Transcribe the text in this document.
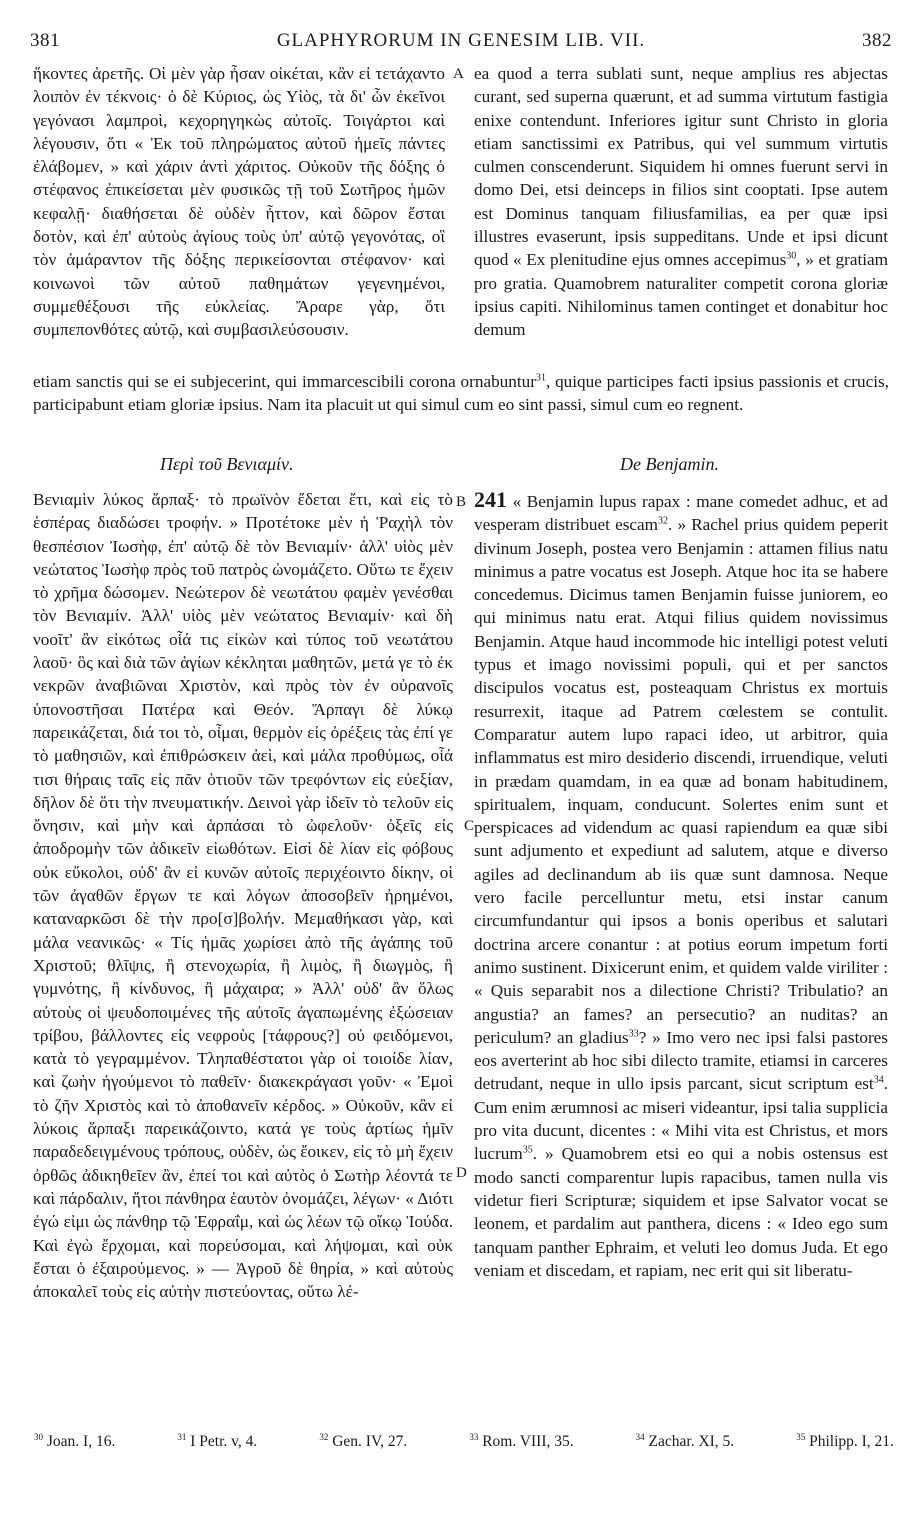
381	GLAPHYRORUM IN GENESIM LIB. VII.	382

ἥκοντες ἀρετῆς. Οἱ μὲν γὰρ ἦσαν οἰκέται, κἂν εἰ τετάχαντο λοιπὸν ἐν τέκνοις· ὁ δὲ Κύριος, ὡς Υἱὸς, τὰ δι' ὧν ἐκεῖνοι γεγόνασι λαμπροὶ, κεχορηγηκὼς αὐτοῖς. Τοιγάρτοι καὶ λέγουσιν, ὅτι « Ἐκ τοῦ πληρώματος αὐτοῦ ἡμεῖς πάντες ἐλάβομεν, » καὶ χάριν ἀντὶ χάριτος. Οὐκοῦν τῆς δόξης ὁ στέφανος ἐπικείσεται μὲν φυσικῶς τῇ τοῦ Σωτῆρος ἡμῶν κεφαλῇ· διαθήσεται δὲ οὐδὲν ἧττον, καὶ δῶρον ἔσται δοτὸν, καὶ ἐπ' αὐτοὺς ἁγίους τοὺς ὑπ' αὐτῷ γεγονότας, οἳ τὸν ἀμάραντον τῆς δόξης περικείσονται στέφανον· καὶ κοινωνοὶ τῶν αὐτοῦ παθημάτων γεγενημένοι, συμμεθέξουσι τῆς εὐκλείας. Ἄραρε γὰρ, ὅτι συμπεπονθότες αὐτῷ, καὶ συμβασιλεύσουσιν.

A ea quod a terra sublati sunt, neque amplius res abjectas curant, sed superna quærunt, et ad summa virtutum fastigia enixe contendunt. Inferiores igitur sunt Christo in gloria etiam sanctissimi ex Patribus, qui vel summum virtutis culmen conscenderunt. Siquidem hi omnes fuerunt servi in domo Dei, etsi deinceps in filios sint cooptati. Ipse autem est Dominus tanquam filiusfamilias, ea per quæ ipsi illustres evaserunt, ipsis suppeditans. Unde et ipsi dicunt quod « Ex plenitudine ejus omnes accepimus$^{30}$, » et gratiam pro gratia. Quamobrem naturaliter competit corona gloriæ ipsius capiti. Nihilominus tamen continget et donabitur hoc demum

etiam sanctis qui se ei subjecerint, qui immarcescibili corona ornabuntur$^{31}$, quique participes facti ipsius passionis et crucis, participabunt etiam gloriæ ipsius. Nam ita placuit ut qui simul cum eo sint passi, simul cum eo regnent.

Περὶ τοῦ Βενιαμίν.	De Benjamin.

Βενιαμὶν λύκος ἅρπαξ· τὸ πρωϊνὸν ἔδεται ἔτι, καὶ εἰς τὸ ἑσπέρας διαδώσει τροφήν. » Προτέτοκε μὲν ἡ Ῥαχὴλ τὸν θεσπέσιον Ἰωσὴφ, ἐπ' αὐτῷ δὲ τὸν Βενιαμίν· ἀλλ' υἱὸς μὲν νεώτατος Ἰωσὴφ πρὸς τοῦ πατρὸς ὠνομάζετο. Οὕτω τε ἔχειν τὸ χρῆμα δώσομεν. Νεώτερον δὲ νεωτάτου φαμὲν γενέσθαι τὸν Βενιαμίν. Ἀλλ' υἱὸς μὲν νεώτατος Βενιαμίν· καὶ δὴ νοοῖτ' ἂν εἰκότως οἷά τις εἰκὼν καὶ τύπος τοῦ νεωτάτου λαοῦ· ὃς καὶ διὰ τῶν ἁγίων κέκληται μαθητῶν, μετά γε τὸ ἐκ νεκρῶν ἀναβιῶναι Χριστὸν, καὶ πρὸς τὸν ἐν οὐρανοῖς ὑπονοστῆσαι Πατέρα καὶ Θεόν. Ἅρπαγι δὲ λύκῳ παρεικάζεται, διά τοι τὸ, οἶμαι, θερμὸν εἰς ὀρέξεις τὰς ἐπί γε τὸ μαθησιῶν, καὶ ἐπιθρώσκειν ἀεὶ, καὶ μάλα προθύμως, οἷά τισι θήραις ταῖς εἰς πᾶν ὁτιοῦν τῶν τρεφόντων εἰς εὐεξίαν, δῆλον δὲ ὅτι τὴν πνευματικήν. Δεινοὶ γὰρ ἰδεῖν τὸ τελοῦν εἰς ὄνησιν, καὶ μὴν καὶ ἁρπάσαι τὸ ὠφελοῦν· ὀξεῖς εἰς ἀποδρομὴν τῶν ἀδικεῖν εἰωθότων. Εἰσὶ δὲ λίαν εἰς φόβους οὐκ εὔκολοι, οὐδ' ἂν εἰ κυνῶν αὐτοῖς περιχέοιντο δίκην, οἱ τῶν ἀγαθῶν ἔργων τε καὶ λόγων ἀποσοβεῖν ἠρημένοι, καταναρκῶσι δὲ τὴν προ[σ]βολήν. Μεμαθήκασι γὰρ, καὶ μάλα νεανικῶς· « Τίς ἡμᾶς χωρίσει ἀπὸ τῆς ἀγάπης τοῦ Χριστοῦ; θλῖψις, ἢ στενοχωρία, ἢ λιμὸς, ἢ διωγμὸς, ἢ γυμνότης, ἢ κίνδυνος, ἢ μάχαιρα; » Ἀλλ' οὐδ' ἂν ὅλως αὐτοὺς οἱ ψευδοποιμένες τῆς αὐτοῖς ἀγαπωμένης ἐξώσειαν τρίβου, βάλλοντες εἰς νεφροὺς [τάφρους?] οὐ φειδόμενοι, κατὰ τὸ γεγραμμένον. Τληπαθέστατοι γὰρ οἱ τοιοίδε λίαν, καὶ ζωὴν ἡγούμενοι τὸ παθεῖν· διακεκράγασι γοῦν· « Ἐμοὶ τὸ ζῆν Χριστὸς καὶ τὸ ἀποθανεῖν κέρδος. » Οὐκοῦν, κἂν εἰ λύκοις ἅρπαξι παρεικάζοιντο, κατά γε τοὺς ἀρτίως ἡμῖν παραδεδειγμένους τρόπους, οὐδὲν, ὡς ἔοικεν, εἰς τὸ μὴ ἔχειν ὀρθῶς ἀδικηθεῖεν ἂν, ἐπεί τοι καὶ αὐτὸς ὁ Σωτὴρ λέοντά τε καὶ πάρδαλιν, ἤτοι πάνθηρα ἑαυτὸν ὀνομάζει, λέγων· « Διότι ἐγώ εἰμι ὡς πάνθηρ τῷ Ἐφραΐμ, καὶ ὡς λέων τῷ οἴκῳ Ἰούδα. Καὶ ἐγὼ ἔρχομαι, καὶ πορεύσομαι, καὶ λήψομαι, καὶ οὐκ ἔσται ὁ ἐξαιρούμενος. » — Ἀγροῦ δὲ θηρία, » καὶ αὐτοὺς ἀποκαλεῖ τοὺς εἰς αὐτὴν πιστεύοντας, οὕτω λέ-

B
C
D

241 « Benjamin lupus rapax : mane comedet adhuc, et ad vesperam distribuet escam$^{32}$. » Rachel prius quidem peperit divinum Joseph, postea vero Benjamin : attamen filius natu minimus a patre vocatus est Joseph. Atque hoc ita se habere concedemus. Dicimus tamen Benjamin fuisse juniorem, eo qui minimus natu erat. Atqui filius quidem novissimus Benjamin. Atque haud incommode hic intelligi potest veluti typus et imago novissimi populi, qui et per sanctos discipulos vocatus est, posteaquam Christus ex mortuis resurrexit, itaque ad Patrem cœlestem se contulit. Comparatur autem lupo rapaci ideo, ut arbitror, quia inflammatus est miro desiderio discendi, irruendique, veluti in prædam quamdam, in ea quæ ad bonam habitudinem, spiritualem, inquam, conducunt. Solertes enim sunt et perspicaces ad videndum ac quasi rapiendum ea quæ sibi sunt adjumento et expediunt ad salutem, atque e diverso agiles ad declinandum ab iis quæ sunt damnosa. Neque vero facile percelluntur metu, etsi instar canum circumfundantur qui ipsos a bonis operibus et salutari doctrina arcere conantur : at potius eorum impetum forti animo sustinent. Dixicerunt enim, et quidem valde viriliter : « Quis separabit nos a dilectione Christi? Tribulatio? an angustia? an fames? an persecutio? an nuditas? an periculum? an gladius$^{33}$? » Imo vero nec ipsi falsi pastores eos averterint ab hoc sibi dilecto tramite, etiamsi in carceres detrudant, neque in ullo ipsis parcant, sicut scriptum est$^{34}$. Cum enim ærumnosi ac miseri videantur, ipsi talia supplicia pro vita ducunt, dicentes : « Mihi vita est Christus, et mors lucrum$^{35}$. » Quamobrem etsi eo qui a nobis ostensus est modo sancti comparentur lupis rapacibus, tamen nulla vis videtur fieri Scripturæ; siquidem et ipse Salvator vocat se leonem, et pardalim aut panthera, dicens : « Ideo ego sum tanquam panther Ephraim, et veluti leo domus Juda. Et ego veniam et discedam, et rapiam, nec erit qui sit liberatu-

$^{30}$ Joan. I, 16.	$^{31}$ I Petr. v, 4.	$^{32}$ Gen. IV, 27.	$^{33}$ Rom. VIII, 35.	$^{34}$ Zachar. XI, 5.	$^{35}$ Philipp. I, 21.
